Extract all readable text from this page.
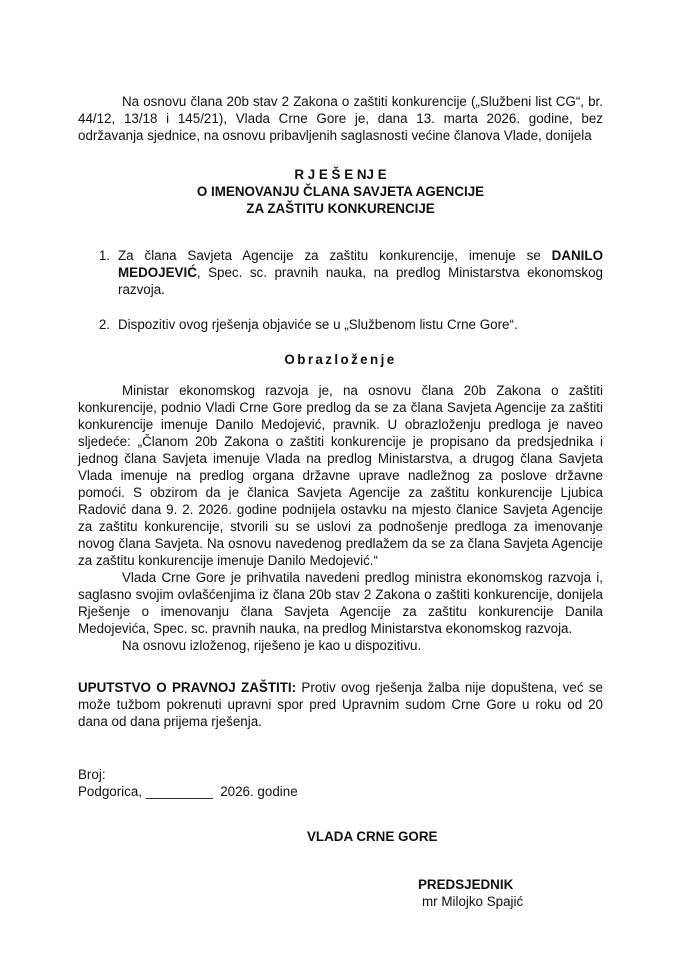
Na osnovu člana 20b stav 2 Zakona o zaštiti konkurencije („Službeni list CG“, br. 44/12, 13/18 i 145/21), Vlada Crne Gore je, dana 13. marta 2026. godine, bez održavanja sjednice, na osnovu pribavljenih saglasnosti većine članova Vlade, donijela

R J E Š E NJ E
O IMENOVANJU ČLANA SAVJETA AGENCIJE
ZA ZAŠTITU KONKURENCIJE
1. Za člana Savjeta Agencije za zaštitu konkurencije, imenuje se DANILO MEDOJEVIĆ, Spec. sc. pravnih nauka, na predlog Ministarstva ekonomskog razvoja.
2. Dispozitiv ovog rješenja objaviće se u „Službenom listu Crne Gore“.
Obrazloženje

Ministar ekonomskog razvoja je, na osnovu člana 20b Zakona o zaštiti konkurencije, podnio Vladi Crne Gore predlog da se za člana Savjeta Agencije za zaštiti konkurencije imenuje Danilo Medojević, pravnik. U obrazloženju predloga je naveo sljedeće: „Članom 20b Zakona o zaštiti konkurencije je propisano da predsjednika i jednog člana Savjeta imenuje Vlada na predlog Ministarstva, a drugog člana Savjeta Vlada imenuje na predlog organa državne uprave nadležnog za poslove državne pomoći. S obzirom da je članica Savjeta Agencije za zaštitu konkurencije Ljubica Radović dana 9. 2. 2026. godine podnijela ostavku na mjesto članice Savjeta Agencije za zaštitu konkurencije, stvorili su se uslovi za podnošenje predloga za imenovanje novog člana Savjeta. Na osnovu navedenog predlažem da se za člana Savjeta Agencije za zaštitu konkurencije imenuje Danilo Medojević.“

Vlada Crne Gore je prihvatila navedeni predlog ministra ekonomskog razvoja i, saglasno svojim ovlašćenjima iz člana 20b stav 2 Zakona o zaštiti konkurencije, donijela Rješenje o imenovanju člana Savjeta Agencije za zaštitu konkurencije Danila Medojevića, Spec. sc. pravnih nauka, na predlog Ministarstva ekonomskog razvoja.

Na osnovu izloženog, riješeno je kao u dispozitivu.

UPUTSTVO O PRAVNOJ ZAŠTITI: Protiv ovog rješenja žalba nije dopuštena, već se može tužbom pokrenuti upravni spor pred Upravnim sudom Crne Gore u roku od 20 dana od dana prijema rješenja.

Broj:
Podgorica, _________  2026. godine
VLADA CRNE GORE
PREDSJEDNIK
mr Milojko Spajić
